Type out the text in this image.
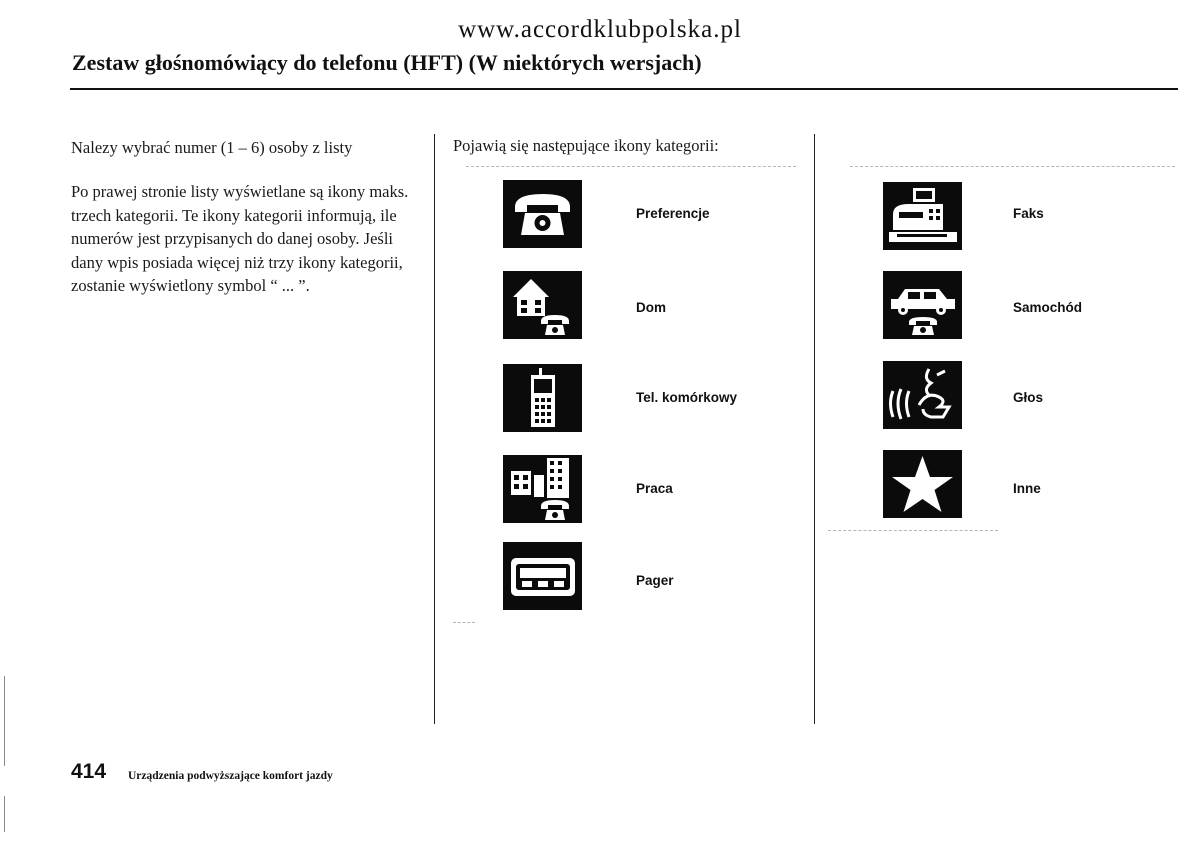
www.accordklubpolska.pl
Zestaw głośnomówiący do telefonu (HFT) (W niektórych wersjach)
Nalezy wybrać numer (1 – 6) osoby z listy
Po prawej stronie listy wyświetlane są ikony maks. trzech kategorii. Te ikony kategorii informują, ile numerów jest przypisanych do danej osoby. Jeśli dany wpis posiada więcej niż trzy ikony kategorii, zostanie wyświetlony symbol “ ... ”.
Pojawią się następujące ikony kategorii:
Preferencje
Dom
Tel. komórkowy
Praca
Pager
Faks
Samochód
Głos
Inne
414 Urządzenia podwyższające komfort jazdy
